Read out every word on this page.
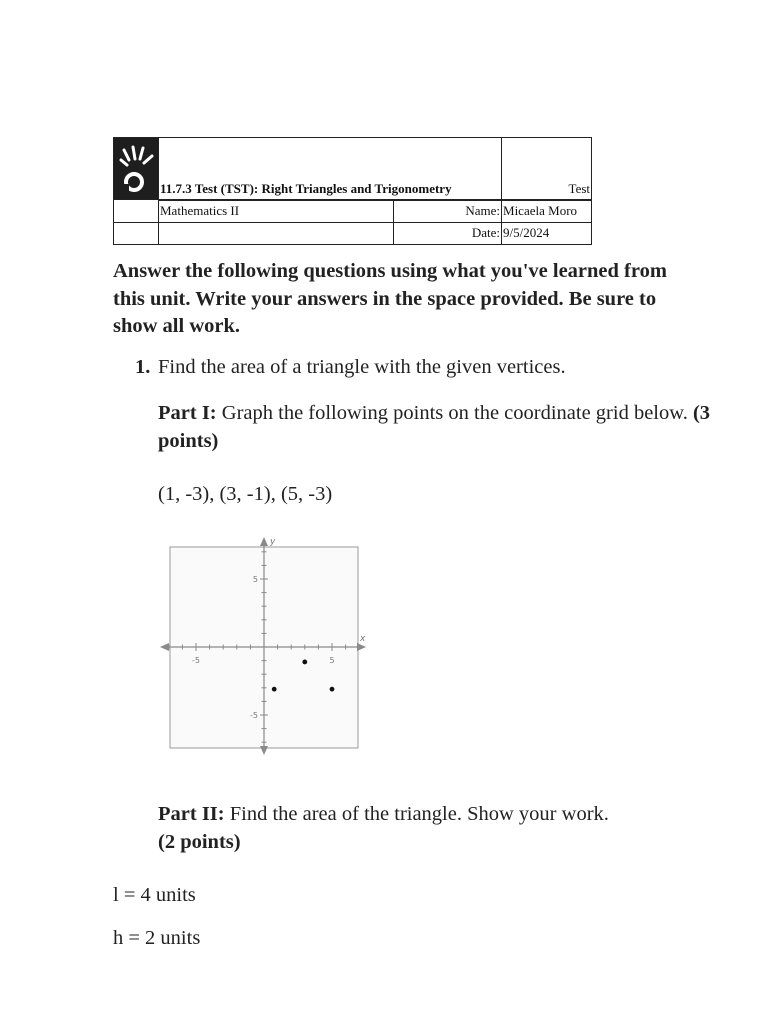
	11.7.3 Test (TST): Right Triangles and Trigonometry		Test
	Mathematics II	Name:	Micaela Moro
		Date:	9/5/2024

Answer the following questions using what you've learned from this unit. Write your answers in the space provided. Be sure to show all work.

1. Find the area of a triangle with the given vertices.

Part I: Graph the following points on the coordinate grid below. (3 points)

(1, -3), (3, -1), (5, -3)
x
y
-5	5
5
-5

Part II: Find the area of the triangle. Show your work.
(2 points)

l = 4 units
h = 2 units
